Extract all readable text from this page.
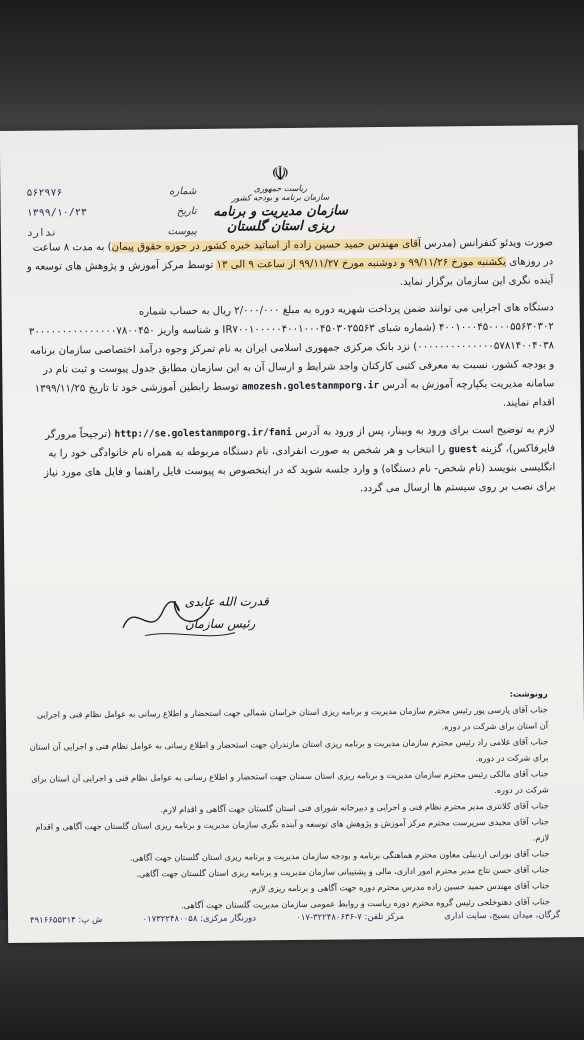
☫
ریاست جمهوری
سازمان برنامه و بودجه کشور
سازمان مدیریت و برنامه ریزی استان گلستان
۵۶۲۹۷۶	شماره
۱۳۹۹/۱۰/۲۳	تاریخ
ندارد	پیوست

صورت ویدئو کنفرانس (مدرس آقای مهندس حمید حسین زاده از اساتید خبره کشور در حوزه حقوق پیمان) به مدت ۸ ساعت در روزهای یکشنبه مورخ ۹۹/۱۱/۲۶ و دوشنبه مورخ ۹۹/۱۱/۲۷ از ساعت ۹ الی ۱۳ توسط مرکز آموزش و پژوهش های توسعه و آینده نگری این سازمان برگزار نماید.

دستگاه های اجرایی می توانند ضمن پرداخت شهریه دوره به مبلغ ۲/۰۰۰/۰۰۰ ریال به حساب شماره ۴۰۰۱۰۰۰۴۵۰۰۰۰۵۵۶۳۰۳۰۲ (شماره شبای IR۷۰۰۱۰۰۰۰۰۴۰۰۱۰۰۰۴۵۰۳۰۲۵۵۶۳ و شناسه واریز ۳۰۰۰۰۰۰۰۰۰۰۰۰۰۰۰۷۸۰۰۴۵۰ ۰۰۰۰۰۰۰۰۰۰۰۰۰۰۵۷۸۱۴۰۰۴۰۳۸) نزد بانک مرکزی جمهوری اسلامی ایران به نام تمرکز وجوه درآمد اختصاصی سازمان برنامه و بودجه کشور، نسبت به معرفی کتبی کارکنان واجد شرایط و ارسال آن به این سازمان مطابق جدول پیوست و ثبت نام در سامانه مدیریت یکپارچه آموزش به آدرس amozesh.golestanmporg.ir توسط رابطین آموزشی خود تا تاریخ ۱۳۹۹/۱۱/۲۵ اقدام نمایند.

لازم به توضیح است برای ورود به وبینار، پس از ورود به آدرس http://se.golestanmporg.ir/fani (ترجیحاً مرورگر فایرفاکس)، گزینه guest را انتخاب و هر شخص به صورت انفرادی، نام دستگاه مربوطه به همراه نام خانوادگی خود را به انگلیسی بنویسد (نام شخص- نام دستگاه) و وارد جلسه شوید که در اینخصوص به پیوست فایل راهنما و فایل های مورد نیاز برای نصب بر روی سیستم ها ارسال می گردد.

قدرت الله عابدی
رئیس سازمان

رونوشت:

جناب آقای پارسی پور رئیس محترم سازمان مدیریت و برنامه ریزی استان خراسان شمالی جهت استحضار و اطلاع رسانی به عوامل نظام فنی و اجرایی آن استان برای شرکت در دوره.

جناب آقای غلامی راد رئیس محترم سازمان مدیریت و برنامه ریزی استان مازندران جهت استحضار و اطلاع رسانی به عوامل نظام فنی و اجرایی آن استان برای شرکت در دوره.

جناب آقای مالکی رئیس محترم سازمان مدیریت و برنامه ریزی استان سمنان جهت استحضار و اطلاع رسانی به عوامل نظام فنی و اجرایی آن استان برای شرکت در دوره.

جناب آقای کلانتری مدیر محترم نظام فنی و اجرایی و دبیرخانه شورای فنی استان گلستان جهت آگاهی و اقدام لازم.

جناب آقای مجیدی سرپرست محترم مرکز آموزش و پژوهش های توسعه و آینده نگری سازمان مدیریت و برنامه ریزی استان گلستان جهت آگاهی و اقدام لازم.

جناب آقای نورانی اردبیلی معاون محترم هماهنگی برنامه و بودجه سازمان مدیریت و برنامه ریزی استان گلستان جهت آگاهی.

جناب آقای حسن نتاج مدیر محترم امور اداری، مالی و پشتیبانی سازمان مدیریت و برنامه ریزی استان گلستان جهت آگاهی.

جناب آقای مهندس حمید حسین زاده مدرس محترم دوره جهت آگاهی و برنامه ریزی لازم.

جناب آقای دهنوخلجی رئیس گروه محترم دوره ریاست و روابط عمومی سازمان مدیریت گلستان جهت آگاهی.

گرگان، میدان بسیج، سایت اداری
مرکز تلفن: ۷-۳۲۲۴۸۰۶۳۶-۰۱۷
دورنگار مرکزی: ۰۱۷۳۲۲۴۸۰۰۵۸
ش پ: ۴۹۱۶۶۵۵۲۱۴
